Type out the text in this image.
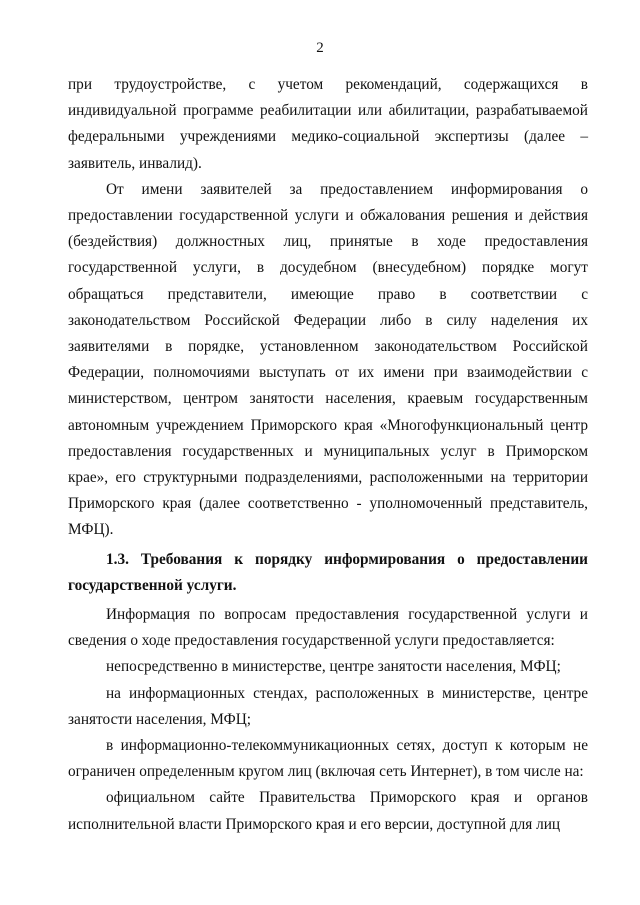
2

при трудоустройстве, с учетом рекомендаций, содержащихся в индивидуальной программе реабилитации или абилитации, разрабатываемой федеральными учреждениями медико-социальной экспертизы (далее – заявитель, инвалид).

От имени заявителей за предоставлением информирования о предоставлении государственной услуги и обжалования решения и действия (бездействия) должностных лиц, принятые в ходе предоставления государственной услуги, в досудебном (внесудебном) порядке могут обращаться представители, имеющие право в соответствии с законодательством Российской Федерации либо в силу наделения их заявителями в порядке, установленном законодательством Российской Федерации, полномочиями выступать от их имени при взаимодействии с министерством, центром занятости населения, краевым государственным автономным учреждением Приморского края «Многофункциональный центр предоставления государственных и муниципальных услуг в Приморском крае», его структурными подразделениями, расположенными на территории Приморского края (далее соответственно - уполномоченный представитель, МФЦ).

1.3. Требования к порядку информирования о предоставлении государственной услуги.

Информация по вопросам предоставления государственной услуги и сведения о ходе предоставления государственной услуги предоставляется:

непосредственно в министерстве, центре занятости населения, МФЦ;

на информационных стендах, расположенных в министерстве, центре занятости населения, МФЦ;

в информационно-телекоммуникационных сетях, доступ к которым не ограничен определенным кругом лиц (включая сеть Интернет), в том числе на:

официальном сайте Правительства Приморского края и органов исполнительной власти Приморского края и его версии, доступной для лиц
